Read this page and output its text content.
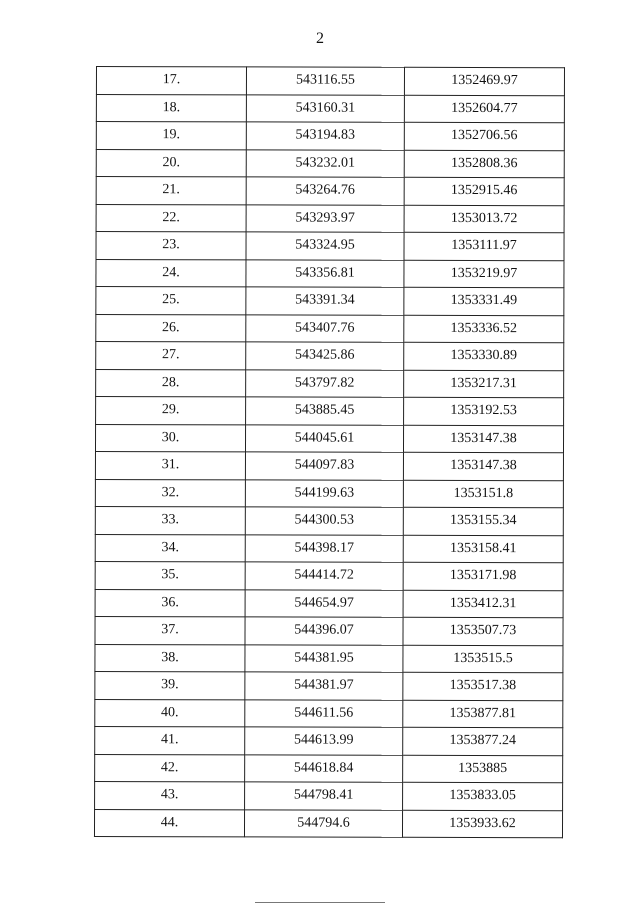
2
17.	543116.55	1352469.97
18.	543160.31	1352604.77
19.	543194.83	1352706.56
20.	543232.01	1352808.36
21.	543264.76	1352915.46
22.	543293.97	1353013.72
23.	543324.95	1353111.97
24.	543356.81	1353219.97
25.	543391.34	1353331.49
26.	543407.76	1353336.52
27.	543425.86	1353330.89
28.	543797.82	1353217.31
29.	543885.45	1353192.53
30.	544045.61	1353147.38
31.	544097.83	1353147.38
32.	544199.63	1353151.8
33.	544300.53	1353155.34
34.	544398.17	1353158.41
35.	544414.72	1353171.98
36.	544654.97	1353412.31
37.	544396.07	1353507.73
38.	544381.95	1353515.5
39.	544381.97	1353517.38
40.	544611.56	1353877.81
41.	544613.99	1353877.24
42.	544618.84	1353885
43.	544798.41	1353833.05
44.	544794.6	1353933.62
